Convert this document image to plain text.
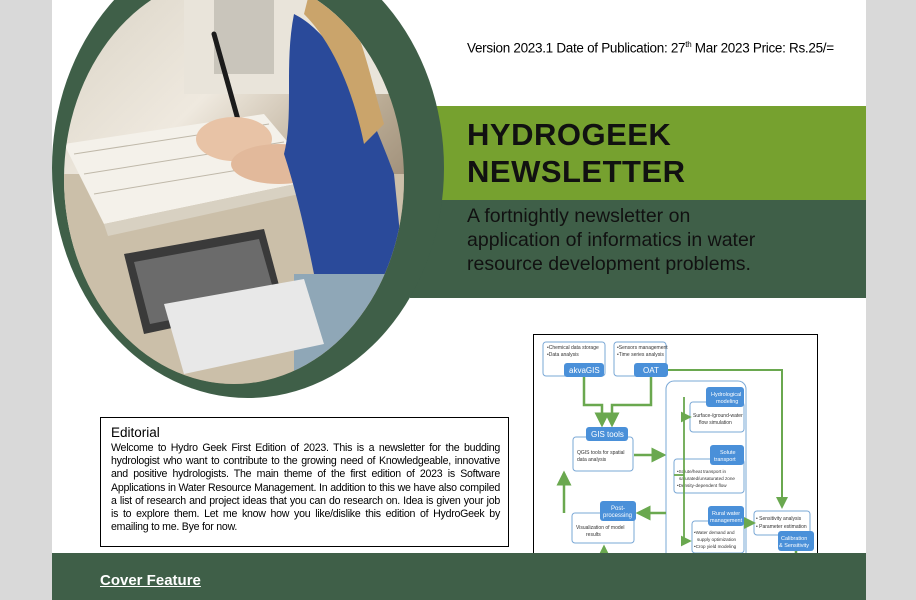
Version 2023.1 Date of Publication: 27th Mar 2023 Price: Rs.25/=
HYDROGEEK
NEWSLETTER
A fortnightly newsletter on
application of informatics in water
resource development problems.
Editorial
Welcome to Hydro Geek First Edition of 2023. This is a newsletter for the budding hydrologist who want to contribute to the growing need of Knowledgeable, innovative and positive hydrologists. The main theme of the first edition of 2023 is Software Applications in Water Resource Management. In addition to this we have also compiled a list of research and project ideas that you can do research on. Idea is given your job is to explore them. Let me know how you like/dislike this edition of HydroGeek by emailing to me. Bye for now.
•Chemical data storage
•Data analysis
akvaGIS
•Sensors management
•Time series analysis
OAT
GIS tools
QGIS tools for spatial
data analysis
Hydrological
modeling
Surface-/ground-water
flow simulation
Solute
transport
•Solute/heat transport in
saturated/unsaturated zone
•Density-dependent flow
Rural water
management
•Water demand and
supply optimization
•Crop yield modeling
• Sensitivity analysis
• Parameter estimation
Calibration
& Sensitivity
Post-
processing
Visualization of model
results
Cover Feature
